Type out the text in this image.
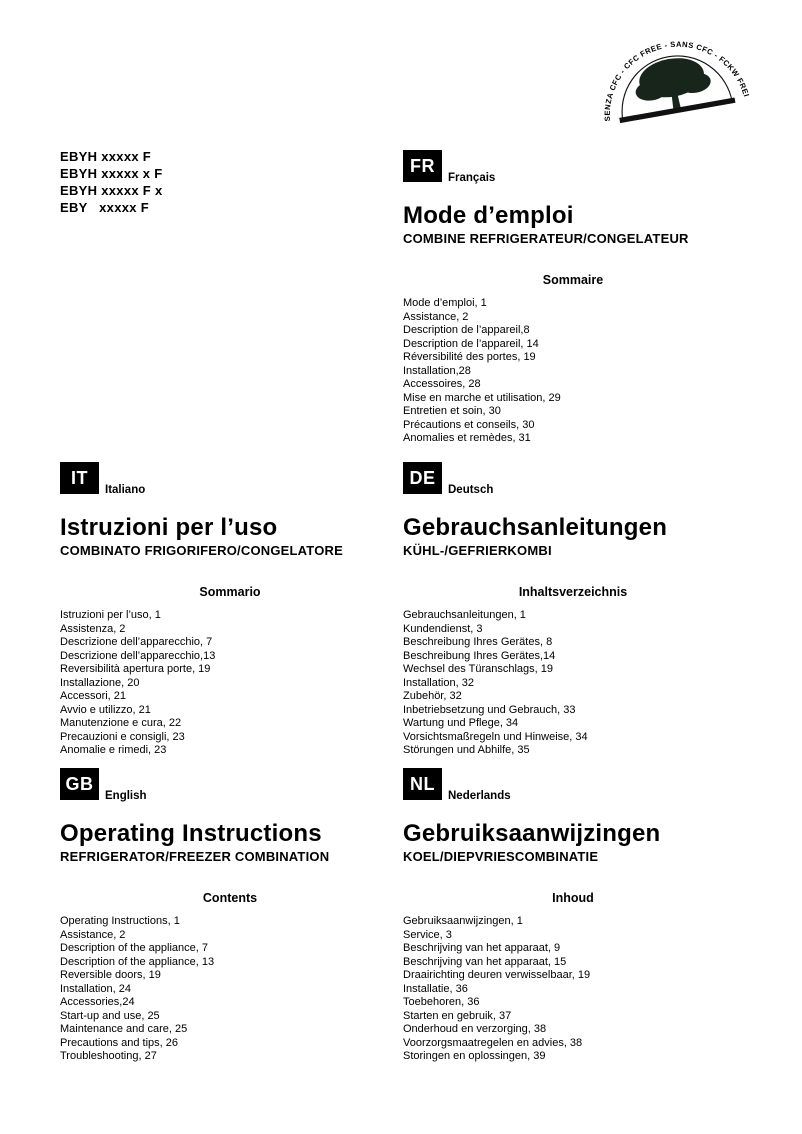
SENZA CFC - CFC FREE - SANS CFC - FCKW FREI
EBYH xxxxx F
EBYH xxxxx x F
EBYH xxxxx F x
EBY   xxxxx F
FR
Français
Mode d’emploi
COMBINE REFRIGERATEUR/CONGELATEUR
Sommaire
Mode d’emploi, 1
Assistance, 2
Description de l’appareil,8
Description de l’appareil, 14
Réversibilité des portes, 19
Installation,28
Accessoires, 28
Mise en marche et utilisation, 29
Entretien et soin, 30
Précautions et conseils, 30
Anomalies et remèdes, 31
IT
Italiano
Istruzioni per l’uso
COMBINATO FRIGORIFERO/CONGELATORE
Sommario
Istruzioni per l’uso, 1
Assistenza, 2
Descrizione dell’apparecchio, 7
Descrizione dell’apparecchio,13
Reversibilità apertura porte, 19
Installazione, 20
Accessori, 21
Avvio e utilizzo, 21
Manutenzione e cura, 22
Precauzioni e consigli, 23
Anomalie e rimedi, 23
DE
Deutsch
Gebrauchsanleitungen
KÜHL-/GEFRIERKOMBI
Inhaltsverzeichnis
Gebrauchsanleitungen, 1
Kundendienst, 3
Beschreibung Ihres Gerätes, 8
Beschreibung Ihres Gerätes,14
Wechsel des Türanschlags, 19
Installation, 32
Zubehör, 32
Inbetriebsetzung und Gebrauch, 33
Wartung und Pflege, 34
Vorsichtsmaßregeln und Hinweise, 34
Störungen und Abhilfe, 35
GB
English
Operating Instructions
REFRIGERATOR/FREEZER COMBINATION
Contents
Operating Instructions, 1
Assistance, 2
Description of the appliance, 7
Description of the appliance, 13
Reversible doors, 19
Installation, 24
Accessories,24
Start-up and use, 25
Maintenance and care, 25
Precautions and tips, 26
Troubleshooting, 27
NL
Nederlands
Gebruiksaanwijzingen
KOEL/DIEPVRIESCOMBINATIE
Inhoud
Gebruiksaanwijzingen, 1
Service, 3
Beschrijving van het apparaat, 9
Beschrijving van het apparaat, 15
Draairichting deuren verwisselbaar, 19
Installatie, 36
Toebehoren, 36
Starten en gebruik, 37
Onderhoud en verzorging, 38
Voorzorgsmaatregelen en advies, 38
Storingen en oplossingen, 39
